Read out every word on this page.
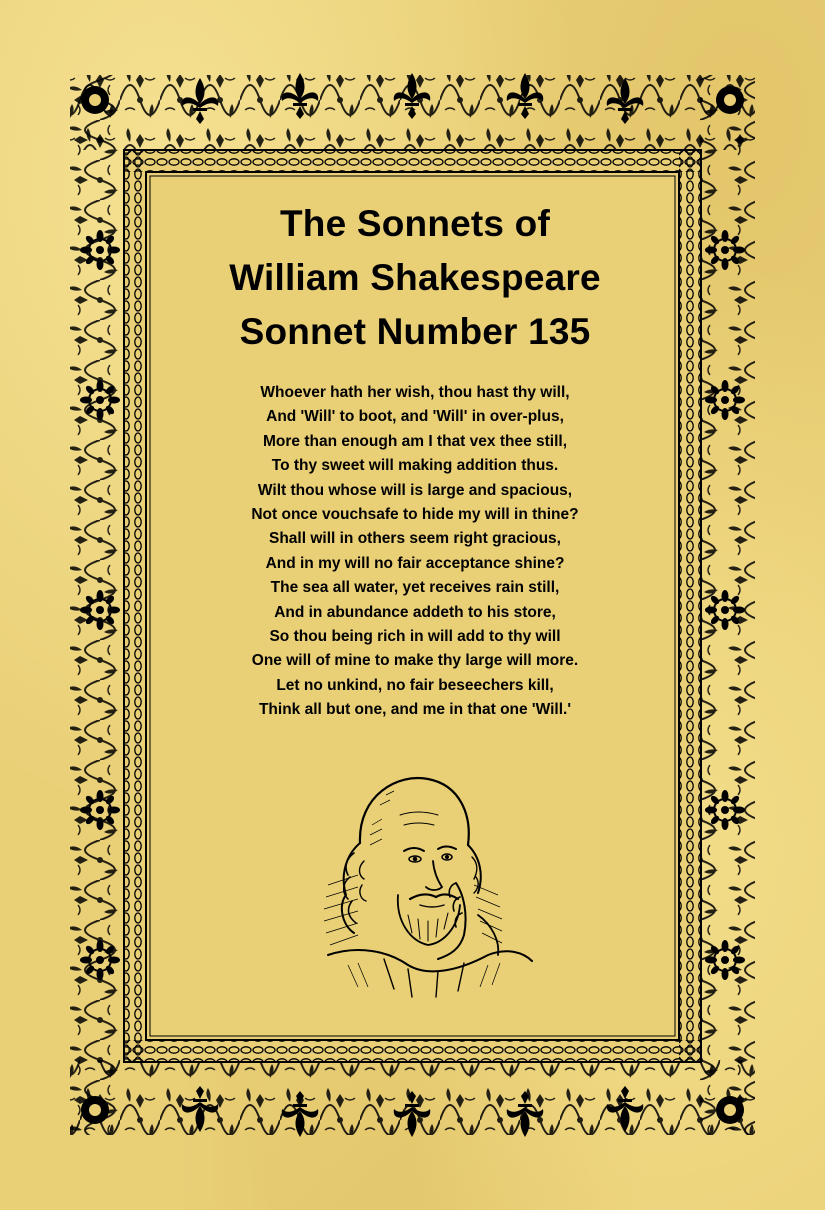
The Sonnets of
William Shakespeare
Sonnet Number 135
Whoever hath her wish, thou hast thy will,
And 'Will' to boot, and 'Will' in over-plus,
More than enough am I that vex thee still,
To thy sweet will making addition thus.
Wilt thou whose will is large and spacious,
Not once vouchsafe to hide my will in thine?
Shall will in others seem right gracious,
And in my will no fair acceptance shine?
The sea all water, yet receives rain still,
And in abundance addeth to his store,
So thou being rich in will add to thy will
One will of mine to make thy large will more.
Let no unkind, no fair beseechers kill,
Think all but one, and me in that one 'Will.'
